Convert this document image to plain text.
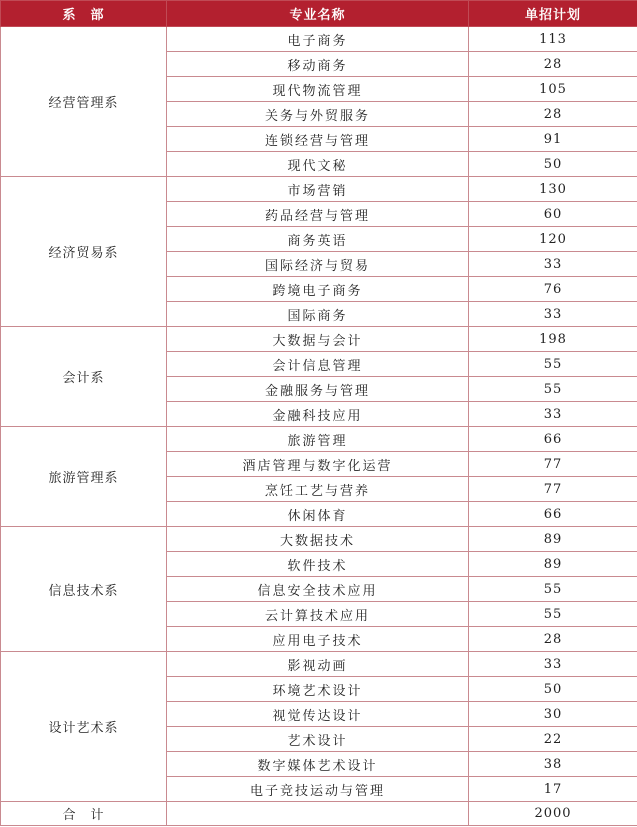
系　部	专业名称	单招计划
经营管理系	电子商务	113
	移动商务	28
	现代物流管理	105
	关务与外贸服务	28
	连锁经营与管理	91
	现代文秘	50
经济贸易系	市场营销	130
	药品经营与管理	60
	商务英语	120
	国际经济与贸易	33
	跨境电子商务	76
	国际商务	33
会计系	大数据与会计	198
	会计信息管理	55
	金融服务与管理	55
	金融科技应用	33
旅游管理系	旅游管理	66
	酒店管理与数字化运营	77
	烹饪工艺与营养	77
	休闲体育	66
信息技术系	大数据技术	89
	软件技术	89
	信息安全技术应用	55
	云计算技术应用	55
	应用电子技术	28
设计艺术系	影视动画	33
	环境艺术设计	50
	视觉传达设计	30
	艺术设计	22
	数字媒体艺术设计	38
	电子竞技运动与管理	17
合　计		2000
